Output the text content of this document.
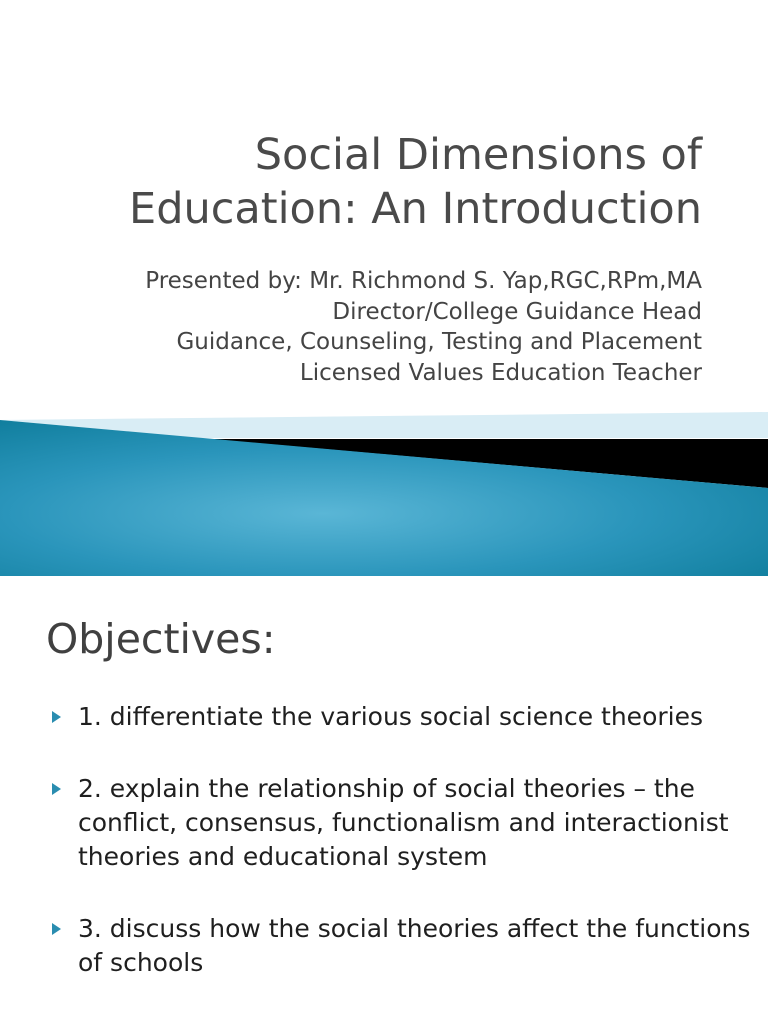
Social Dimensions of
Education: An Introduction
Presented by: Mr. Richmond S. Yap,RGC,RPm,MA
Director/College Guidance Head
Guidance, Counseling, Testing and Placement
Licensed Values Education Teacher
Objectives:
1. differentiate the various social science theories
2. explain the relationship of social theories – the conflict, consensus, functionalism and interactionist theories and educational system
3. discuss how the social theories affect the functions of schools
